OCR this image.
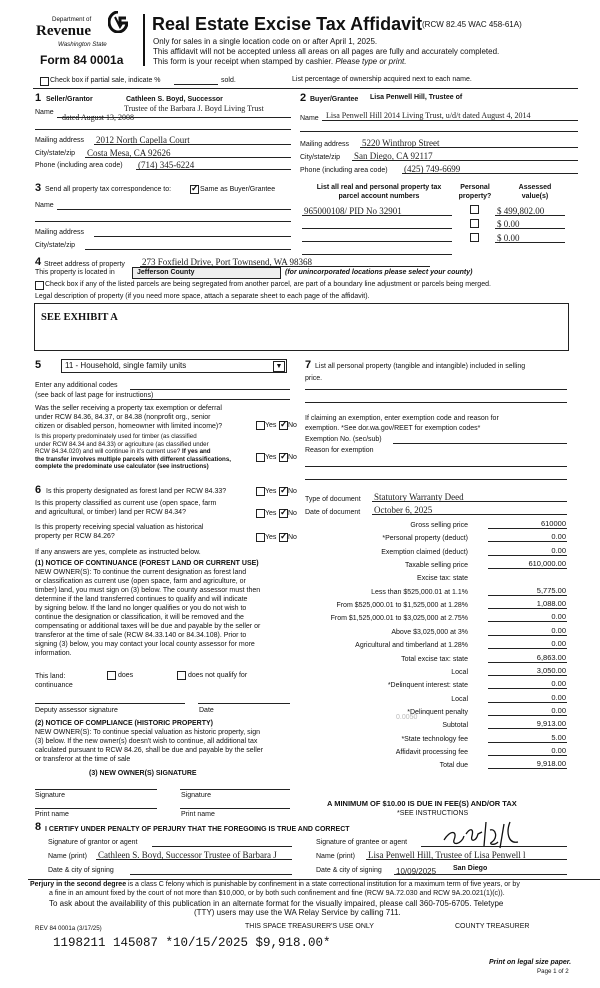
Department of
Revenue
Washington State
Form 84 0001a
Real Estate Excise Tax Affidavit (RCW 82.45 WAC 458-61A)
Only for sales in a single location code on or after April 1, 2025.
This affidavit will not be accepted unless all areas on all pages are fully and accurately completed.
This form is your receipt when stamped by cashier. Please type or print.
Check box if partial sale, indicate %	sold.	List percentage of ownership acquired next to each name.
1 Seller/Grantor	Cathleen S. Boyd, Successor
Name	Trustee of the Barbara J. Boyd Living Trust
dated August 13, 2008
Mailing address 2012 North Capella Court
City/state/zip Costa Mesa, CA 92626
Phone (including area code) (714) 345-6224
2 Buyer/Grantee Lisa Penwell Hill, Trustee of
Name Lisa Penwell Hill 2014 Living Trust, u/d/t dated August 4, 2014
Mailing address 5220 Winthrop Street
City/state/zip San Diego, CA 92117
Phone (including area code) (425) 749-6699
3 Send all property tax correspondence to: ✓	Same as Buyer/Grantee
Name
Mailing address
City/state/zip
List all real and personal property tax
parcel account numbers
Personal
property?
Assessed
value(s)
965000108/ PID No 32901	$ 499,802.00
$ 0.00
$ 0.00
4 Street address of property 273 Foxfield Drive, Port Townsend, WA 98368
This property is located in	Jefferson County	(for unincorporated locations please select your county)
Check box if any of the listed parcels are being segregated from another parcel, are part of a boundary line adjustment or parcels being merged.
Legal description of property (if you need more space, attach a separate sheet to each page of the affidavit).
SEE EXHIBIT A
5	11 - Household, single family units	▼
Enter any additional codes
(see back of last page for instructions)
Was the seller receiving a property tax exemption or deferral
under RCW 84.36, 84.37, or 84.38 (nonprofit org., senior
citizen or disabled person, homeowner with limited income)?	Yes ✓ No
Is this property predominately used for timber (as classified
under RCW 84.34 and 84.33) or agriculture (as classified under
RCW 84.34.020) and will continue in it's current use? If yes and
the transfer involves multiple parcels with different classifications,
complete the predominate use calculator (see instructions)
Yes ✓ No
6 Is this property designated as forest land per RCW 84.33?	Yes ✓ No
Is this property classified as current use (open space, farm
and agricultural, or timber) land per RCW 84.34?	Yes ✓ No
Is this property receiving special valuation as historical
property per RCW 84.26?	Yes ✓ No
If any answers are yes, complete as instructed below.
(1) NOTICE OF CONTINUANCE (FOREST LAND OR CURRENT USE)
NEW OWNER(S): To continue the current designation as forest land
or classification as current use (open space, farm and agriculture, or
timber) land, you must sign on (3) below. The county assessor must then
determine if the land transferred continues to qualify and will indicate
by signing below. If the land no longer qualifies or you do not wish to
continue the designation or classification, it will be removed and the
compensating or additional taxes will be due and payable by the seller or
transferor at the time of sale (RCW 84.33.140 or 84.34.108). Prior to
signing (3) below, you may contact your local county assessor for more
information.
This land:
continuance
does	does not qualify for
Deputy assessor signature	Date
(2) NOTICE OF COMPLIANCE (HISTORIC PROPERTY)
NEW OWNER(S): To continue special valuation as historic property, sign
(3) below. If the new owner(s) doesn't wish to continue, all additional tax
calculated pursuant to RCW 84.26, shall be due and payable by the seller
or transferor at the time of sale
(3) NEW OWNER(S) SIGNATURE
Signature	Signature
Print name	Print name
7 List all personal property (tangible and intangible) included in selling
price.
If claiming an exemption, enter exemption code and reason for
exemption. *See dor.wa.gov/REET for exemption codes*
Exemption No. (sec/sub)
Reason for exemption
Type of document Statutory Warranty Deed
Date of document October 6, 2025
Gross selling price	610000
*Personal property (deduct)	0.00
Exemption claimed (deduct)	0.00
Taxable selling price	610,000.00
Excise tax: state
Less than $525,000.01 at 1.1%	5,775.00
From $525,000.01 to $1,525,000 at 1.28%	1,088.00
From $1,525,000.01 to $3,025,000 at 2.75%	0.00
Above $3,025,000 at 3%	0.00
Agricultural and timberland at 1.28%	0.00
Total excise tax: state	6,863.00
Local	3,050.00
*Delinquent interest: state	0.00
Local	0.00
*Delinquent penalty	0.00
Subtotal	9,913.00
*State technology fee	5.00
Affidavit processing fee	0.00
Total due	9,918.00
0.0050
A MINIMUM OF $10.00 IS DUE IN FEE(S) AND/OR TAX
*SEE INSTRUCTIONS
8 I CERTIFY UNDER PENALTY OF PERJURY THAT THE FOREGOING IS TRUE AND CORRECT
Signature of grantor or agent
Name (print) Cathleen S. Boyd, Successor Trustee of Barbara J
Date & city of signing
Signature of grantee or agent
Name (print) Lisa Penwell Hill, Trustee of Lisa Penwell l
Date & city of signing 10/09/2025 San Diego
Perjury in the second degree is a class C felony which is punishable by confinement in a state correctional institution for a maximum term of five years, or by
a fine in an amount fixed by the court of not more than $10,000, or by both such confinement and fine (RCW 9A.72.030 and RCW 9A.20.021(1)(c)).
To ask about the availability of this publication in an alternate format for the visually impaired, please call 360-705-6705. Teletype
(TTY) users may use the WA Relay Service by calling 711.
REV 84 0001a (3/17/25)	THIS SPACE TREASURER'S USE ONLY	COUNTY TREASURER
1198211 145087 *10/15/2025 $9,918.00*
Print on legal size paper.
Page 1 of 2
